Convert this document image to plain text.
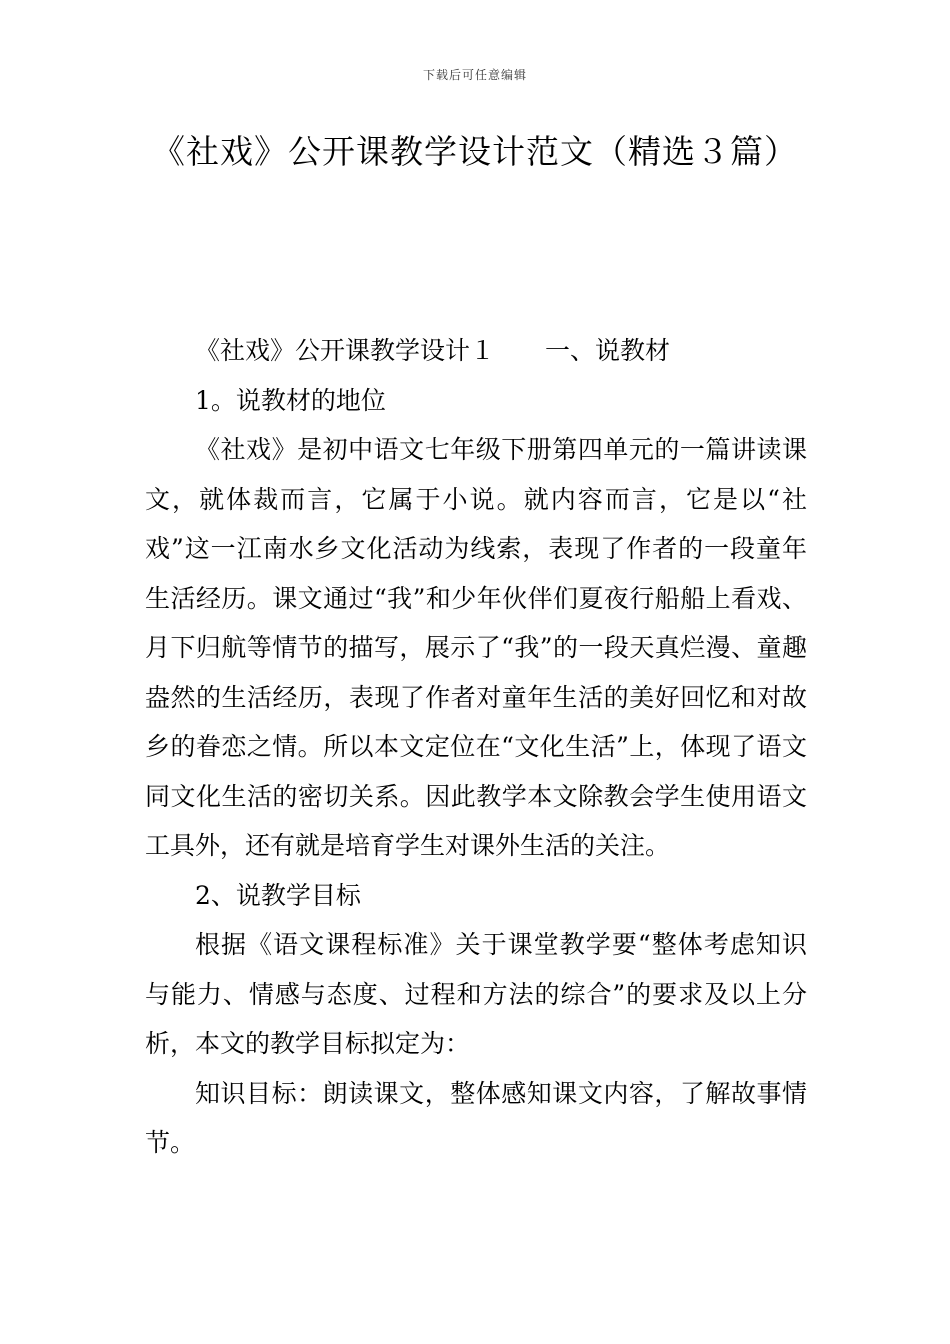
下载后可任意编辑
《社戏》公开课教学设计范文（精选３篇）

《社戏》公开课教学设计１ 一、说教材

1。说教材的地位

《社戏》是初中语文七年级下册第四单元的一篇讲读课文，就体裁而言，它属于小说。就内容而言，它是以“社戏”这一江南水乡文化活动为线索，表现了作者的一段童年生活经历。课文通过“我”和少年伙伴们夏夜行船船上看戏、月下归航等情节的描写，展示了“我”的一段天真烂漫、童趣盎然的生活经历，表现了作者对童年生活的美好回忆和对故乡的眷恋之情。所以本文定位在“文化生活”上，体现了语文同文化生活的密切关系。因此教学本文除教会学生使用语文工具外，还有就是培育学生对课外生活的关注。

2、说教学目标

根据《语文课程标准》关于课堂教学要“整体考虑知识与能力、情感与态度、过程和方法的综合”的要求及以上分析，本文的教学目标拟定为：

知识目标：朗读课文，整体感知课文内容，了解故事情节。
